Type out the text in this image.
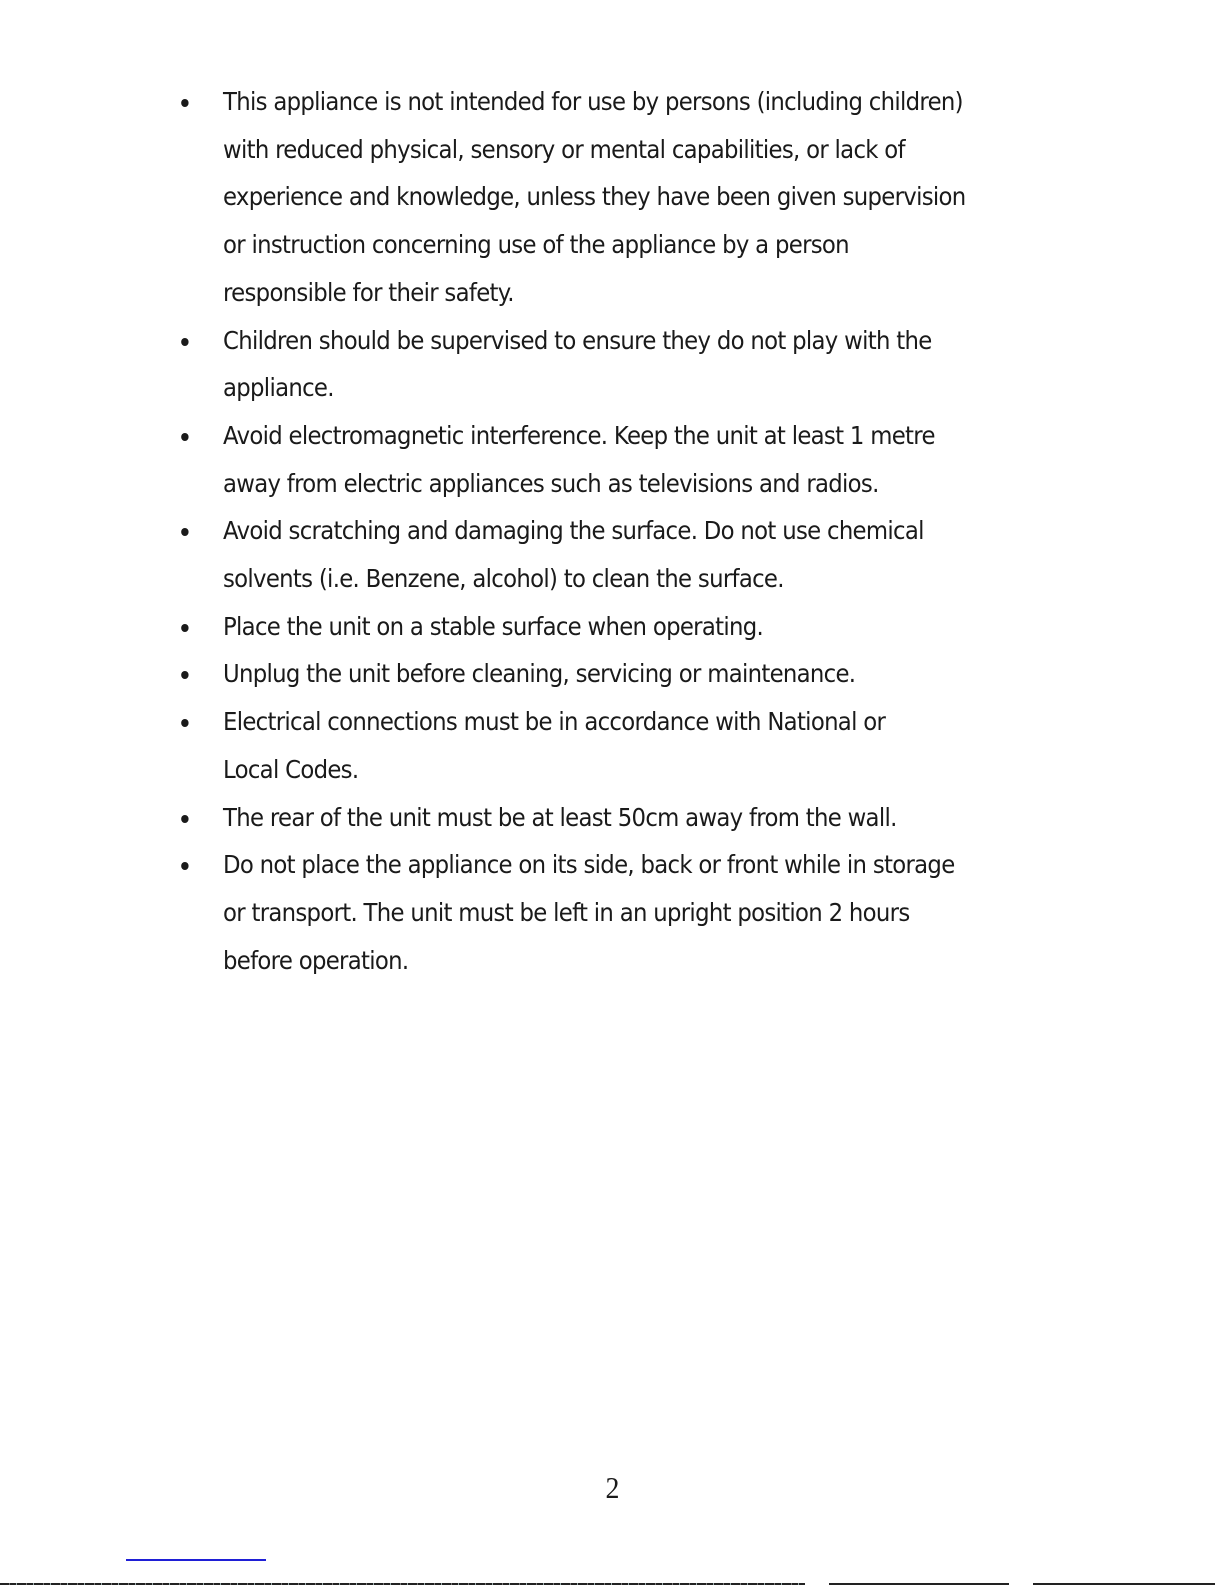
This appliance is not intended for use by persons (including children)
with reduced physical, sensory or mental capabilities, or lack of
experience and knowledge, unless they have been given supervision
or instruction concerning use of the appliance by a person
responsible for their safety.
Children should be supervised to ensure they do not play with the
appliance.
Avoid electromagnetic interference. Keep the unit at least 1 metre
away from electric appliances such as televisions and radios.
Avoid scratching and damaging the surface. Do not use chemical
solvents (i.e. Benzene, alcohol) to clean the surface.
Place the unit on a stable surface when operating.
Unplug the unit before cleaning, servicing or maintenance.
Electrical connections must be in accordance with National or
Local Codes.
The rear of the unit must be at least 50cm away from the wall.
Do not place the appliance on its side, back or front while in storage
or transport. The unit must be left in an upright position 2 hours
before operation.
2
